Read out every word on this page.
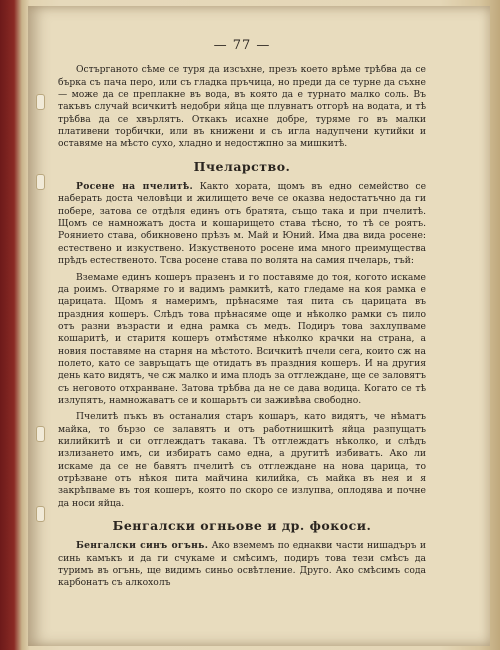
— 77 —

Остърганото сѣме се туря да изсъхне, презъ което врѣме трѣбва да се бърка съ пача перо, или съ гладка пръчица, но преди да се турне да съхне — може да се пpеплакне въ вода, въ която да е турнато малко соль. Въ такъвъ случай всичкитѣ недобри яйца ще плувнатъ отгорѣ на водата, и тѣ трѣбва да се хвърлятъ. Откакъ исахне добре, туряме го въ малки плативени торбички, или въ книжени и съ игла надупчени кутийки и оставяме на мѣсто сухо, хладно и недостжпно за мишкитѣ.

Пчеларство.

Росене на пчелитѣ. Както хората, щомъ въ едно семейство се наберать доста человѣци и жилището вече се оказва недостатъчно да ги побере, затова се отдѣля единъ отъ братята, също така и при пчелитѣ. Щомъ се намножатъ доста и кошарището става тѣсно, то тѣ се роятъ. Роянието става, обикновено прѣзъ м. Май и Юний. Има два вида росене: естествено и изкуствено. Изкуственото росене има много преимущества прѣдъ естественото. Тсва росене става по волята на самия пчеларь, тъй:

Вземаме единъ кошеръ празенъ и го поставяме до тоя, когото искаме да роимъ. Отваряме го и вадимъ рамкитѣ, като гледаме на коя рамка е царицата. Щомъ я намеримъ, прѣнасяме тая пита съ царицата въ праздния кошеръ. Слѣдъ това прѣнасяме още и нѣколко рамки съ пило отъ разни възрасти и една рамка съ медъ. Подиръ това захлупваме кошаритѣ, и старитя кошеръ отмѣстяме нѣколко крачки на страна, а новия поставяме на старня на мѣстото. Всичкитѣ пчели сега, които сж на полето, като се завръщатъ ще отидатъ въ праздния кошеръ. И на другия день като видятъ, че сж малко и има плодъ за отглеждане, ще се заловятъ съ неговото отхранване. Затова трѣбва да не се дава водица. Когато се тѣ излупятъ, намножаватъ се и кошарьтъ си заживѣва свободно.

Пчелитѣ пъкъ въ останалия старъ кошаръ, като видятъ, че нѣматъ майка, то бързо се залавятъ и отъ работнишкитѣ яйца разпущатъ килийкитѣ и си отглеждатъ такава. Тѣ отглеждатъ нѣколко, и слѣдъ излизането имъ, си избиратъ само една, а другитѣ избиватъ. Ако ли искаме да се не бавятъ пчелитѣ съ отглеждане на нова царица, то отрѣзване отъ нѣкоя пита майчина килийка, съ майка въ нея и я закрѣпваме въ тоя кошеръ, която по скоро се излупва, оплодява и почне да носи яйца.

Бенгалски огньове и др. фокоси.

Бенгалски синъ огънь. Ако вземемъ по еднакви части нишадъръ и синь камъкъ и да ги счукаме и смѣсимъ, подиръ това тези смѣсъ да туримъ въ огънь, ще видимъ синьо освѣтление. Друго. Ако смѣсимъ сода карбонатъ съ алкохолъ
